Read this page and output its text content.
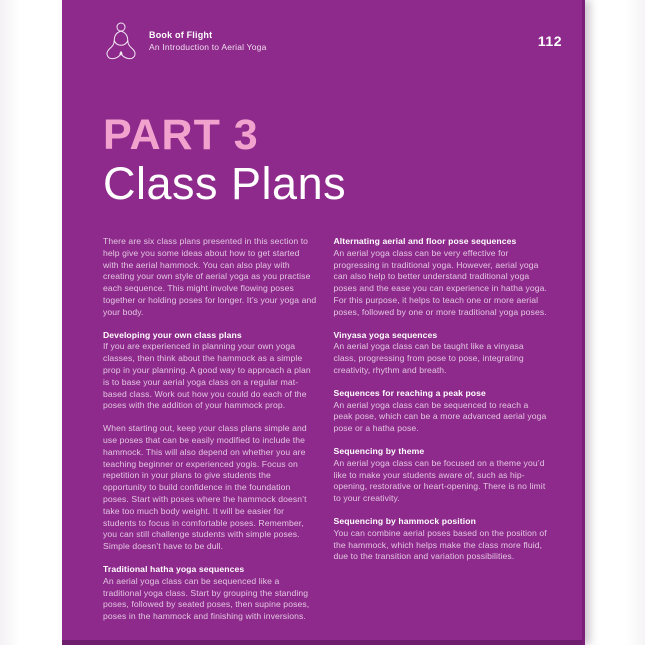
Book of Flight
An Introduction to Aerial Yoga	112
PART 3
Class Plans

There are six class plans presented in this section to help give you some ideas about how to get started with the aerial hammock. You can also play with creating your own style of aerial yoga as you practise each sequence. This might involve flowing poses together or holding poses for longer. It’s your yoga and your body.

Developing your own class plans

If you are experienced in planning your own yoga classes, then think about the hammock as a simple prop in your planning. A good way to approach a plan is to base your aerial yoga class on a regular mat-based class. Work out how you could do each of the poses with the addition of your hammock prop.

When starting out, keep your class plans simple and use poses that can be easily modified to include the hammock. This will also depend on whether you are teaching beginner or experienced yogis. Focus on repetition in your plans to give students the opportunity to build confidence in the foundation poses. Start with poses where the hammock doesn’t take too much body weight. It will be easier for students to focus in comfortable poses. Remember, you can still challenge students with simple poses. Simple doesn’t have to be dull.

Traditional hatha yoga sequences

An aerial yoga class can be sequenced like a traditional yoga class. Start by grouping the standing poses, followed by seated poses, then supine poses, poses in the hammock and finishing with inversions.

Alternating aerial and floor pose sequences

An aerial yoga class can be very effective for progressing in traditional yoga. However, aerial yoga can also help to better understand traditional yoga poses and the ease you can experience in hatha yoga. For this purpose, it helps to teach one or more aerial poses, followed by one or more traditional yoga poses.

Vinyasa yoga sequences

An aerial yoga class can be taught like a vinyasa class, progressing from pose to pose, integrating creativity, rhythm and breath.

Sequences for reaching a peak pose

An aerial yoga class can be sequenced to reach a peak pose, which can be a more advanced aerial yoga pose or a hatha pose.

Sequencing by theme

An aerial yoga class can be focused on a theme you’d like to make your students aware of, such as hip-opening, restorative or heart-opening. There is no limit to your creativity.

Sequencing by hammock position

You can combine aerial poses based on the position of the hammock, which helps make the class more fluid, due to the transition and variation possibilities.
